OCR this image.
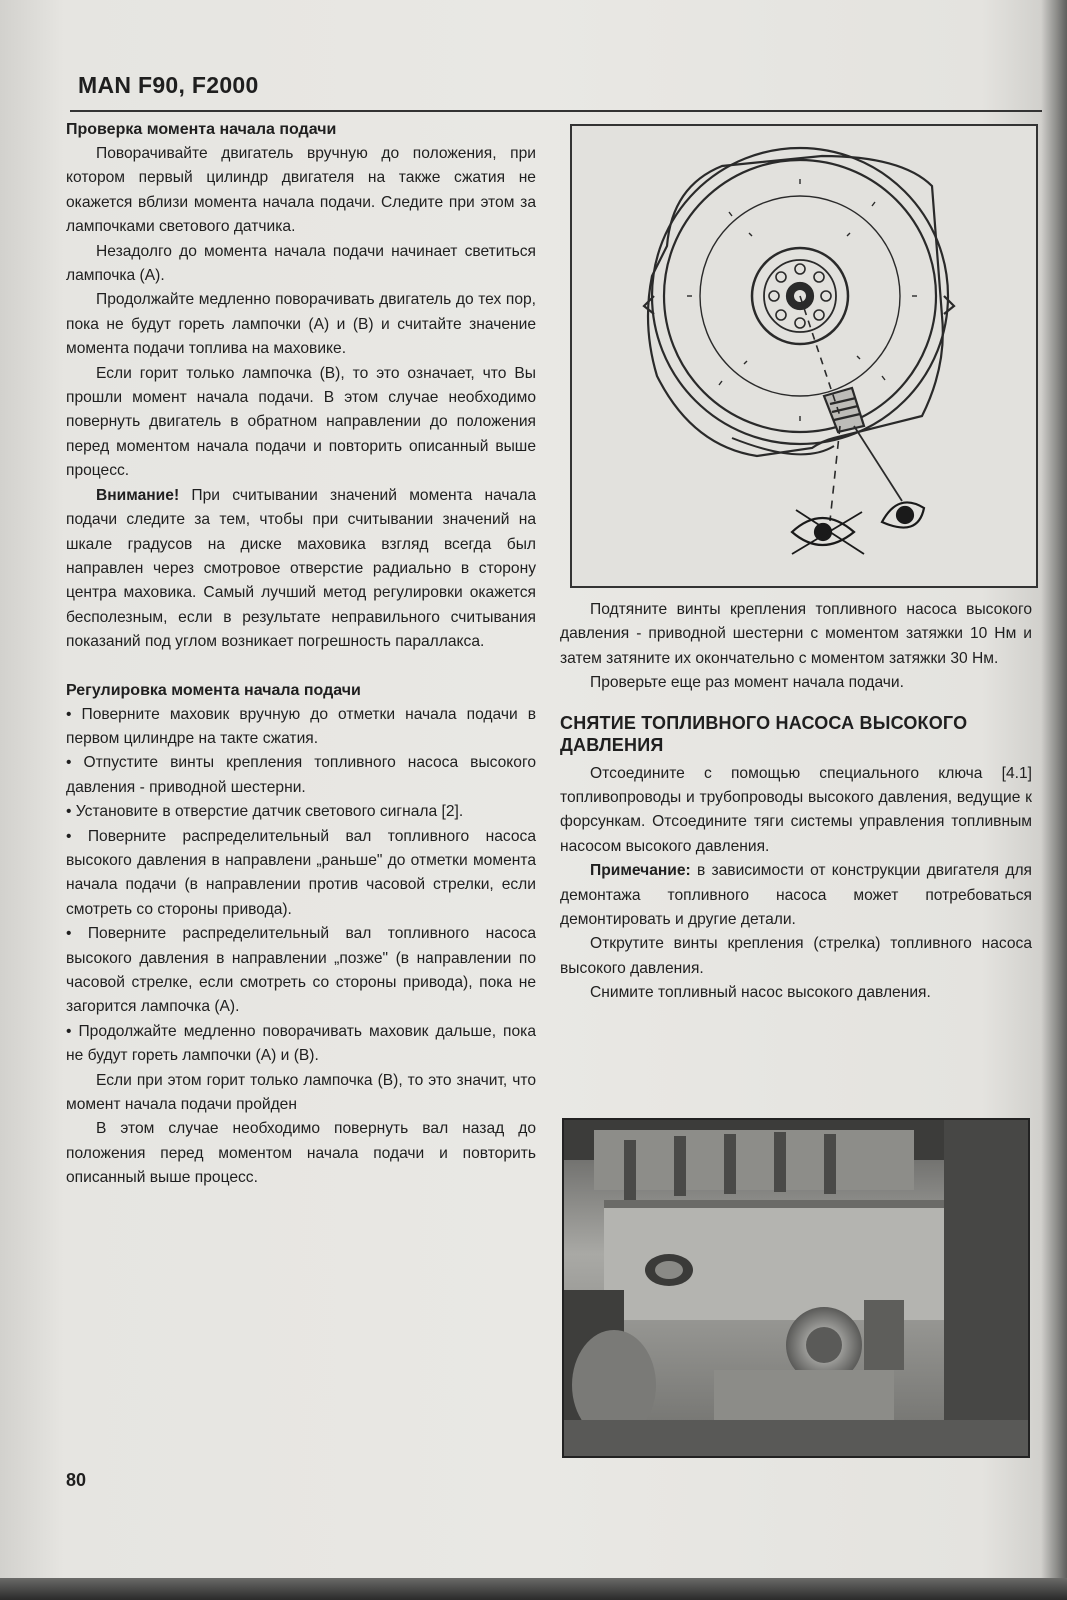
MAN F90, F2000
Проверка момента начала подачи

Поворачивайте двигатель вручную до положения, при котором первый цилиндр двигателя на также сжатия не окажется вблизи момента начала подачи. Следите при этом за лампочками светового датчика.

Незадолго до момента начала подачи начинает светиться лампочка (А).

Продолжайте медленно поворачивать двигатель до тех пор, пока не будут гореть лампочки (А) и (В) и считайте значение момента подачи топлива на маховике.

Если горит только лампочка (В), то это означает, что Вы прошли момент начала подачи. В этом случае необходимо повернуть двигатель в обратном направлении до положения перед моментом начала подачи и повторить описанный выше процесс.

Внимание! При считывании значений момента начала подачи следите за тем, чтобы при считывании значений на шкале градусов на диске маховика взгляд всегда был направлен через смотровое отверстие радиально в сторону центра маховика. Самый лучший метод регулировки окажется бесполезным, если в результате неправильного считывания показаний под углом возникает погрешность параллакса.

Регулировка момента начала подачи

• Поверните маховик вручную до отметки начала подачи в первом цилиндре на такте сжатия.

• Отпустите винты крепления топливного насоса высокого давления - приводной шестерни.

• Установите в отверстие датчик светового сигнала [2].

• Поверните распределительный вал топливного насоса высокого давления в направлени „раньше" до отметки момента начала подачи (в направлении против часовой стрелки, если смотреть со стороны привода).

• Поверните распределительный вал топливного насоса высокого давления в направлении „позже" (в направлении по часовой стрелке, если смотреть со стороны привода), пока не загорится лампочка (А).

• Продолжайте медленно поворачивать маховик дальше, пока не будут гореть лампочки (А) и (В).

Если при этом горит только лампочка (В), то это значит, что момент начала подачи пройден

В этом случае необходимо повернуть вал назад до положения перед моментом начала подачи и повторить описанный выше процесс.

Подтяните винты крепления топливного насоса высокого давления - приводной шестерни с моментом затяжки 10 Нм и затем затяните их окончательно с моментом затяжки 30 Нм.

Проверьте еще раз момент начала подачи.

СНЯТИЕ ТОПЛИВНОГО НАСОСА ВЫСОКОГО ДАВЛЕНИЯ

Отсоедините с помощью специального ключа [4.1] топливопроводы и трубопроводы высокого давления, ведущие к форсункам. Отсоедините тяги системы управления топливным насосом высокого давления.

Примечание: в зависимости от конструкции двигателя для демонтажа топливного насоса может потребоваться демонтировать и другие детали.

Открутите винты крепления (стрелка) топливного насоса высокого давления.

Снимите топливный насос высокого давления.

80
